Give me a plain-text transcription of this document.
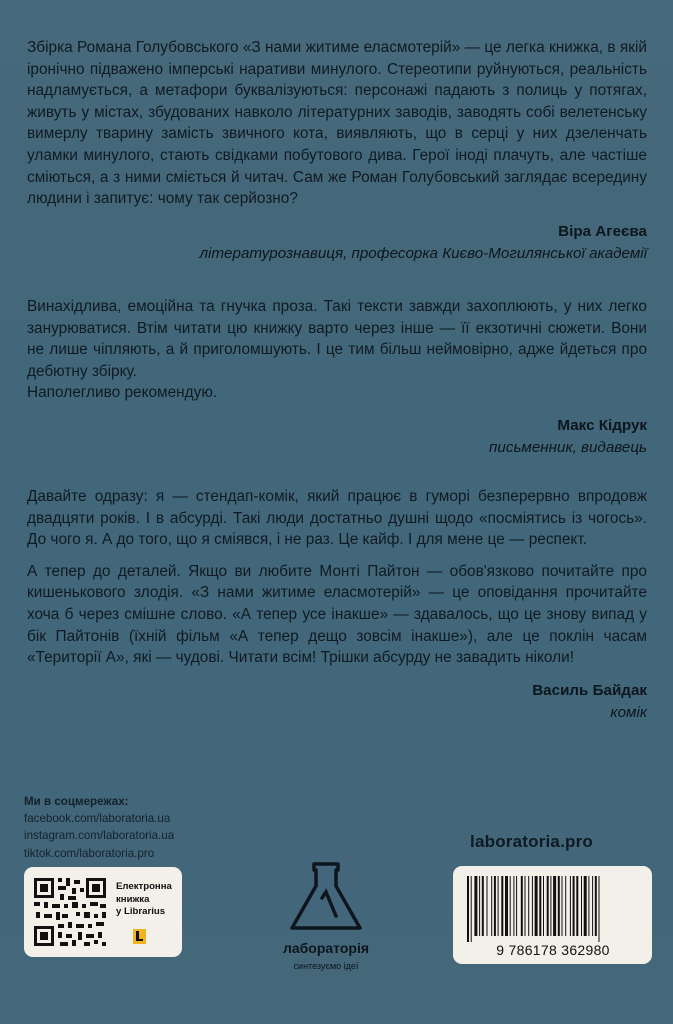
Збірка Романа Голубовського «З нами житиме еласмотерій» — це легка книжка, в якій іронічно підважено імперські наративи минулого. Стереотипи руйнуються, реальність надламується, а метафори буквалізуються: персонажі падають з полиць у потягах, живуть у містах, збудованих навколо літературних заводів, заводять собі велетенську вимерлу тварину замість звичного кота, виявляють, що в серці у них дзеленчать уламки минулого, стають свідками побутового дива. Герої іноді плачуть, але частіше сміються, а з ними сміється й читач. Сам же Роман Голубовський заглядає всередину людини і запитує: чому так серйозно?

Віра Агеєва
літературознавиця, професорка Києво-Могилянської академії

Винахідлива, емоційна та гнучка проза. Такі тексти завжди захоплюють, у них легко занурюватися. Втім читати цю книжку варто через інше — її екзотичні сюжети. Вони не лише чіпляють, а й приголомшують. І це тим більш неймовірно, адже йдеться про дебютну збірку.

Наполегливо рекомендую.

Макс Кідрук
письменник, видавець

Давайте одразу: я — стендап-комік, який працює в гуморі безперервно впродовж двадцяти років. І в абсурді. Такі люди достатньо душні щодо «посміятись із чогось». До чого я. А до того, що я сміявся, і не раз. Це кайф. І для мене це — респект.

А тепер до деталей. Якщо ви любите Монті Пайтон — обов'язково почитайте про кишенькового злодія. «З нами житиме еласмотерій» — це оповідання прочитайте хоча б через смішне слово. «А тепер усе інакше» — здавалось, що це знову випад у бік Пайтонів (їхній фільм «А тепер дещо зовсім інакше»), але це поклін часам «Території А», які — чудові. Читати всім! Трішки абсурду не завадить ніколи!

Василь Байдак
комік
Ми в соцмережах:
facebook.com/laboratoria.ua
instagram.com/laboratoria.ua
tiktok.com/laboratoria.pro
laboratoria.pro
Електронна
книжка
у Librarius
лабораторія
синтезуємо ідеї
9 786178 362980
